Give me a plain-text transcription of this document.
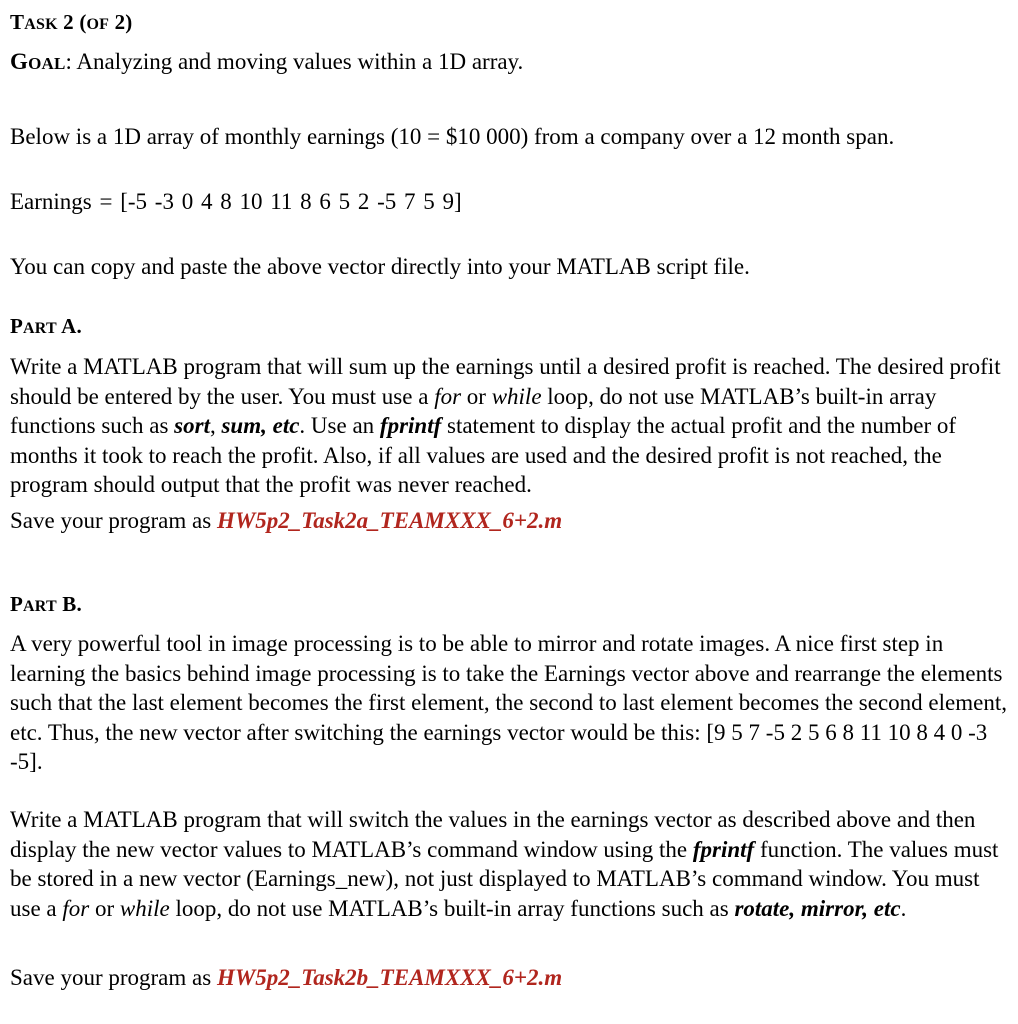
TASK 2 (OF 2)
GOAL: Analyzing and moving values within a 1D array.
Below is a 1D array of monthly earnings (10 = $10 000) from a company over a 12 month span.
Earnings = [-5 -3 0 4 8 10 11 8 6 5 2 -5 7 5 9]
You can copy and paste the above vector directly into your MATLAB script file.
PART A.
Write a MATLAB program that will sum up the earnings until a desired profit is reached. The desired profit should be entered by the user. You must use a for or while loop, do not use MATLAB’s built-in array functions such as sort, sum, etc. Use an fprintf statement to display the actual profit and the number of months it took to reach the profit. Also, if all values are used and the desired profit is not reached, the program should output that the profit was never reached.
Save your program as HW5p2_Task2a_TEAMXXX_6+2.m
PART B.
A very powerful tool in image processing is to be able to mirror and rotate images. A nice first step in learning the basics behind image processing is to take the Earnings vector above and rearrange the elements such that the last element becomes the first element, the second to last element becomes the second element, etc. Thus, the new vector after switching the earnings vector would be this: [9 5 7 -5 2 5 6 8 11 10 8 4 0 -3 -5].
Write a MATLAB program that will switch the values in the earnings vector as described above and then display the new vector values to MATLAB’s command window using the fprintf function. The values must be stored in a new vector (Earnings_new), not just displayed to MATLAB’s command window. You must use a for or while loop, do not use MATLAB’s built-in array functions such as rotate, mirror, etc.
Save your program as HW5p2_Task2b_TEAMXXX_6+2.m
